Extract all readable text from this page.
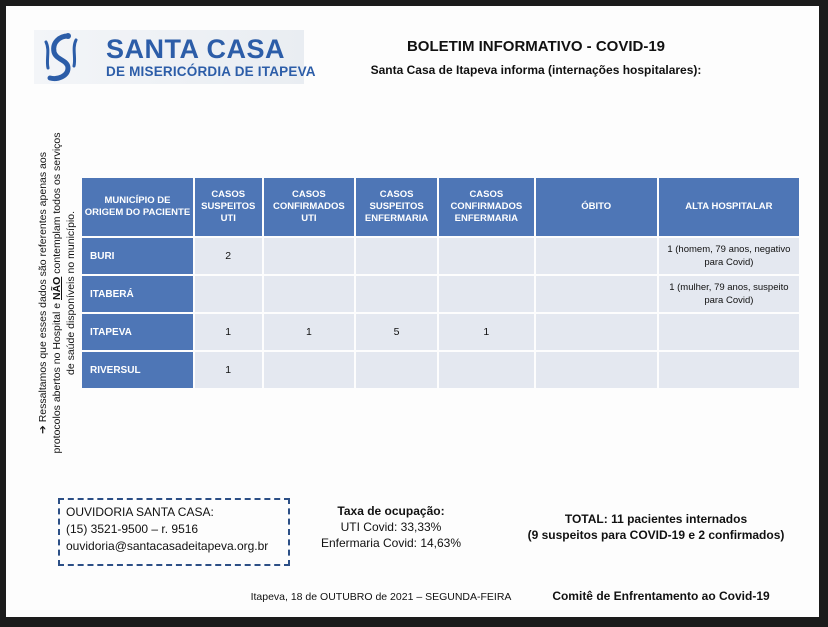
SANTA CASA
DE MISERICÓRDIA DE ITAPEVA
BOLETIM INFORMATIVO - COVID-19
Santa Casa de Itapeva informa (internações hospitalares):
➔ Ressaltamos que esses dados são referentes apenas aos protocolos abertos no Hospital e NÃO contemplam todos os serviços de saúde disponíveis no município.
MUNICÍPIO DE ORIGEM DO PACIENTE	CASOS SUSPEITOS UTI	CASOS CONFIRMADOS UTI	CASOS SUSPEITOS ENFERMARIA	CASOS CONFIRMADOS ENFERMARIA	ÓBITO	ALTA HOSPITALAR
BURI	2					1 (homem, 79 anos, negativo para Covid)
ITABERÁ						1 (mulher, 79 anos, suspeito para Covid)
ITAPEVA	1	1	5	1		
RIVERSUL	1					
OUVIDORIA SANTA CASA:
(15) 3521-9500 – r. 9516
ouvidoria@santacasadeitapeva.org.br
Taxa de ocupação:
UTI Covid: 33,33%
Enfermaria Covid: 14,63%
TOTAL: 11 pacientes internados
(9 suspeitos para COVID-19 e 2 confirmados)
Itapeva, 18 de OUTUBRO de 2021 – SEGUNDA-FEIRA	Comitê de Enfrentamento ao Covid-19
